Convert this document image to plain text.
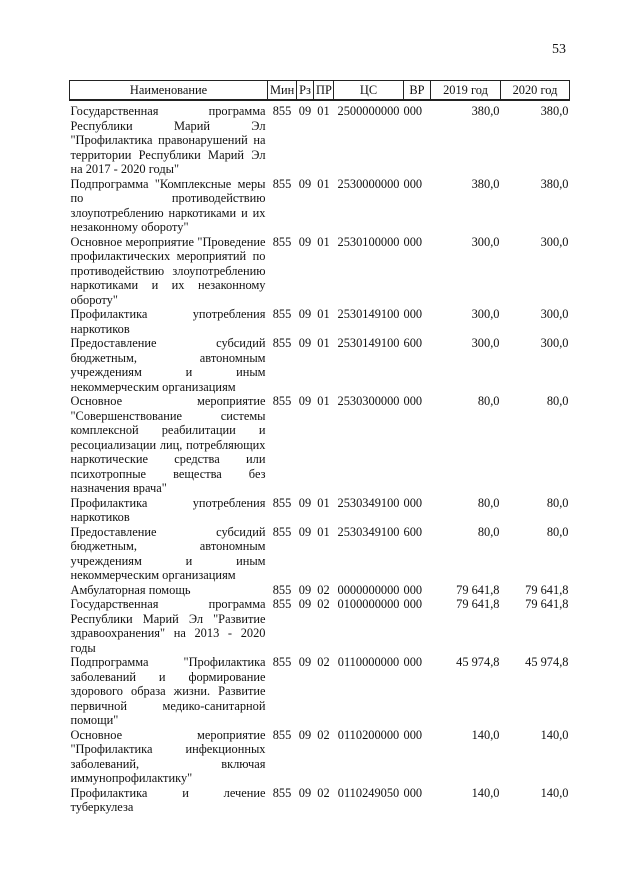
53
Наименование	Мин	Рз	ПР	ЦС	ВР	2019 год	2020 год
Государственная программа Республики Марий Эл "Профилактика правонарушений на территории Республики Марий Эл на 2017 - 2020 годы"	855	09	01	2500000000	000	380,0	380,0
Подпрограмма "Комплексные меры по противодействию злоупотреблению наркотиками и их незаконному обороту"	855	09	01	2530000000	000	380,0	380,0
Основное мероприятие "Проведение профилактических мероприятий по противодействию злоупотреблению наркотиками и их незаконному обороту"	855	09	01	2530100000	000	300,0	300,0
Профилактика употребления наркотиков	855	09	01	2530149100	000	300,0	300,0
Предоставление субсидий бюджетным, автономным учреждениям и иным некоммерческим организациям	855	09	01	2530149100	600	300,0	300,0
Основное мероприятие "Совершенствование системы комплексной реабилитации и ресоциализации лиц, потребляющих наркотические средства или психотропные вещества без назначения врача"	855	09	01	2530300000	000	80,0	80,0
Профилактика употребления наркотиков	855	09	01	2530349100	000	80,0	80,0
Предоставление субсидий бюджетным, автономным учреждениям и иным некоммерческим организациям	855	09	01	2530349100	600	80,0	80,0
Амбулаторная помощь	855	09	02	0000000000	000	79 641,8	79 641,8
Государственная программа Республики Марий Эл "Развитие здравоохранения" на 2013 - 2020 годы	855	09	02	0100000000	000	79 641,8	79 641,8
Подпрограмма "Профилактика заболеваний и формирование здорового образа жизни. Развитие первичной медико-санитарной помощи"	855	09	02	0110000000	000	45 974,8	45 974,8
Основное мероприятие "Профилактика инфекционных заболеваний, включая иммунопрофилактику"	855	09	02	0110200000	000	140,0	140,0
Профилактика и лечение туберкулеза	855	09	02	0110249050	000	140,0	140,0
